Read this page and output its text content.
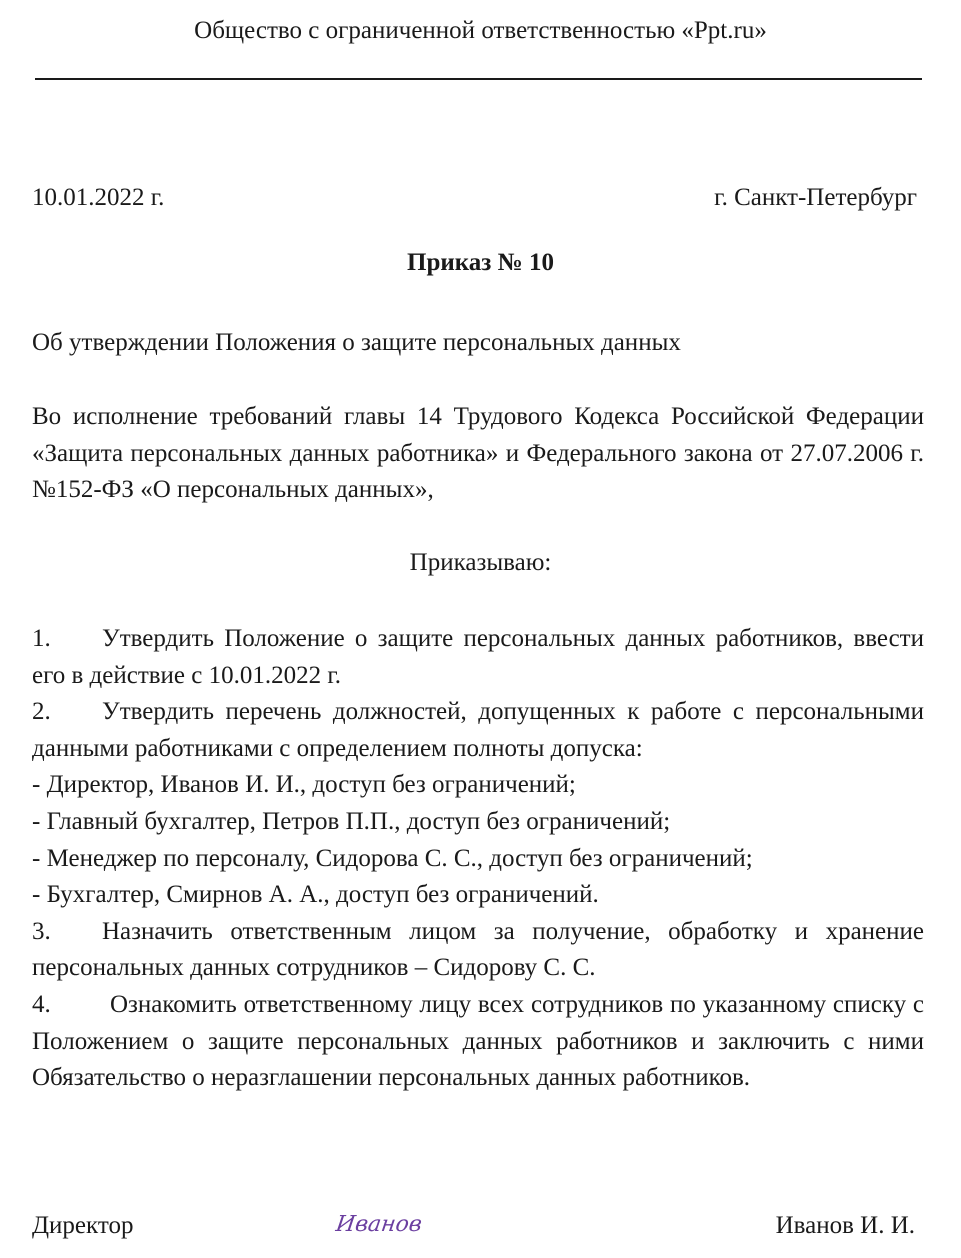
Общество с ограниченной ответственностью «Ppt.ru»
10.01.2022 г.	г. Санкт-Петербург
Приказ № 10
Об утверждении Положения о защите персональных данных
Во исполнение требований главы 14 Трудового Кодекса Российской Федерации «Защита персональных данных работника» и Федерального закона от 27.07.2006 г. №152-ФЗ «О персональных данных»,
Приказываю:

1. Утвердить Положение о защите персональных данных работников, ввести его в действие с 10.01.2022 г.

2. Утвердить перечень должностей, допущенных к работе с персональными данными работниками с определением полноты допуска:

- Директор, Иванов И. И., доступ без ограничений;

- Главный бухгалтер, Петров П.П., доступ без ограничений;

- Менеджер по персоналу, Сидорова С. С., доступ без ограничений;

- Бухгалтер, Смирнов А. А., доступ без ограничений.

3. Назначить ответственным лицом за получение, обработку и хранение персональных данных сотрудников – Сидорову С. С.

4. Ознакомить ответственному лицу всех сотрудников по указанному списку с Положением о защите персональных данных работников и заключить с ними Обязательство о неразглашении персональных данных работников.

Директор	Иванов	Иванов И. И.
